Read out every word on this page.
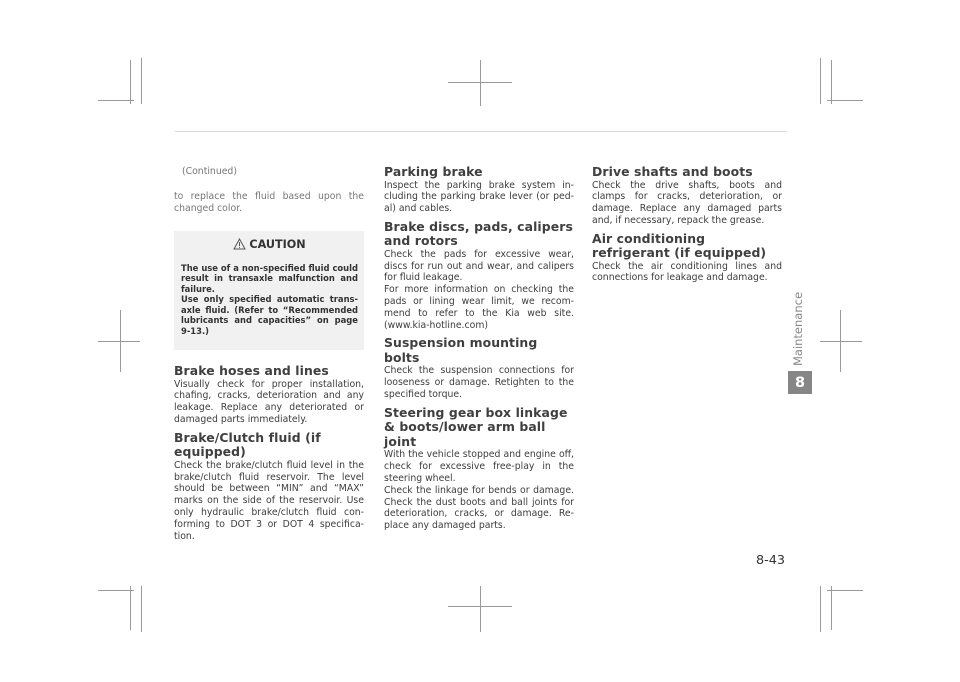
(Continued)

to replace the fluid based upon the changed color.

CAUTION

The use of a non-specified fluid could result in transaxle malfunction and failure.

Use only specified automatic trans-axle fluid. (Refer to “Recommended lubricants and capacities” on page 9-13.)

Brake hoses and lines

Visually check for proper installation, chafing, cracks, deterioration and any leakage. Replace any deteriorated or damaged parts immediately.

Brake/Clutch fluid (if equipped)

Check the brake/clutch fluid level in the brake/clutch fluid reservoir. The level should be between “MIN” and “MAX” marks on the side of the reservoir. Use only hydraulic brake/clutch fluid con-forming to DOT 3 or DOT 4 specifica-tion.

Parking brake

Inspect the parking brake system in-cluding the parking brake lever (or ped-al) and cables.

Brake discs, pads, calipers and rotors

Check the pads for excessive wear, discs for run out and wear, and calipers for fluid leakage.

For more information on checking the pads or lining wear limit, we recom-mend to refer to the Kia web site. (www.kia-hotline.com)

Suspension mounting bolts

Check the suspension connections for looseness or damage. Retighten to the specified torque.

Steering gear box linkage & boots/lower arm ball joint

With the vehicle stopped and engine off, check for excessive free-play in the steering wheel.

Check the linkage for bends or damage. Check the dust boots and ball joints for deterioration, cracks, or damage. Re-place any damaged parts.

Drive shafts and boots

Check the drive shafts, boots and clamps for cracks, deterioration, or damage. Replace any damaged parts and, if necessary, repack the grease.

Air conditioning refrigerant (if equipped)

Check the air conditioning lines and connections for leakage and damage.

Maintenance
8
8-43
